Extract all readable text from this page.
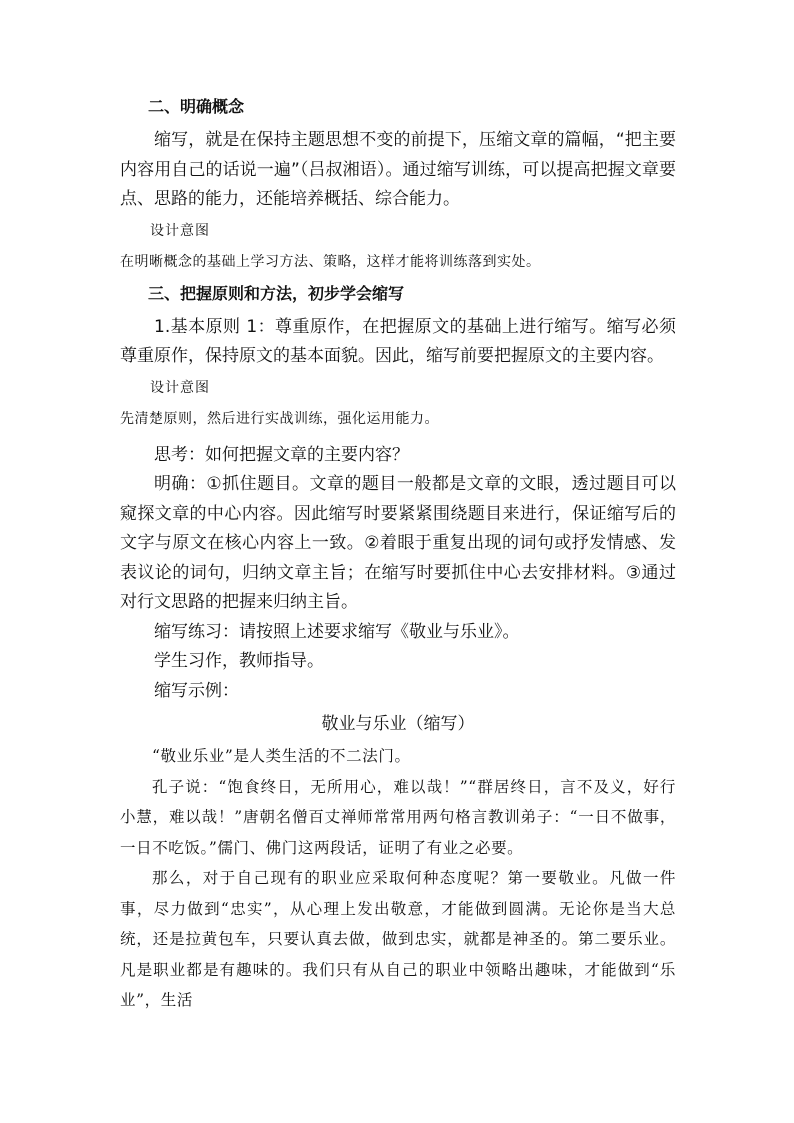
二、明确概念

缩写，就是在保持主题思想不变的前提下，压缩文章的篇幅，“把主要内容用自己的话说一遍”（吕叔湘语）。通过缩写训练，可以提高把握文章要点、思路的能力，还能培养概括、综合能力。

设计意图

在明晰概念的基础上学习方法、策略，这样才能将训练落到实处。

三、把握原则和方法，初步学会缩写

1.基本原则 1：尊重原作，在把握原文的基础上进行缩写。缩写必须尊重原作，保持原文的基本面貌。因此，缩写前要把握原文的主要内容。

设计意图

先清楚原则，然后进行实战训练，强化运用能力。

思考：如何把握文章的主要内容？

明确：①抓住题目。文章的题目一般都是文章的文眼，透过题目可以窥探文章的中心内容。因此缩写时要紧紧围绕题目来进行，保证缩写后的文字与原文在核心内容上一致。②着眼于重复出现的词句或抒发情感、发表议论的词句，归纳文章主旨；在缩写时要抓住中心去安排材料。③通过对行文思路的把握来归纳主旨。

缩写练习：请按照上述要求缩写《敬业与乐业》。

学生习作，教师指导。

缩写示例：

敬业与乐业（缩写）

“敬业乐业”是人类生活的不二法门。

孔子说：“饱食终日，无所用心，难以哉！”“群居终日，言不及义，好行小慧，难以哉！”唐朝名僧百丈禅师常常用两句格言教训弟子：“一日不做事，一日不吃饭。”儒门、佛门这两段话，证明了有业之必要。

那么，对于自己现有的职业应采取何种态度呢？第一要敬业。凡做一件事，尽力做到“忠实”，从心理上发出敬意，才能做到圆满。无论你是当大总统，还是拉黄包车，只要认真去做，做到忠实，就都是神圣的。第二要乐业。凡是职业都是有趣味的。我们只有从自己的职业中领略出趣味，才能做到“乐业”，生活
